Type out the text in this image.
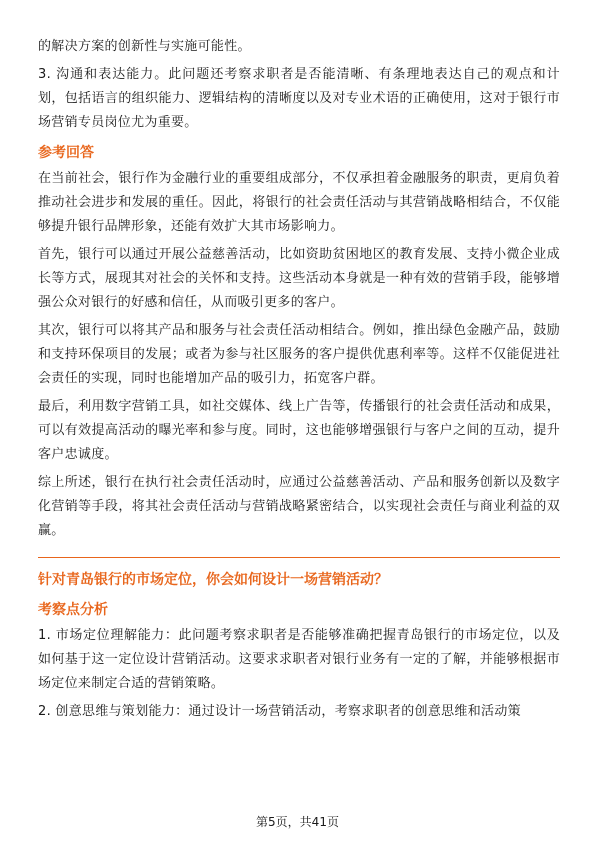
的解决方案的创新性与实施可能性。

3. 沟通和表达能力。此问题还考察求职者是否能清晰、有条理地表达自己的观点和计划，包括语言的组织能力、逻辑结构的清晰度以及对专业术语的正确使用，这对于银行市场营销专员岗位尤为重要。

参考回答

在当前社会，银行作为金融行业的重要组成部分，不仅承担着金融服务的职责，更肩负着推动社会进步和发展的重任。因此，将银行的社会责任活动与其营销战略相结合，不仅能够提升银行品牌形象，还能有效扩大其市场影响力。

首先，银行可以通过开展公益慈善活动，比如资助贫困地区的教育发展、支持小微企业成长等方式，展现其对社会的关怀和支持。这些活动本身就是一种有效的营销手段，能够增强公众对银行的好感和信任，从而吸引更多的客户。

其次，银行可以将其产品和服务与社会责任活动相结合。例如，推出绿色金融产品，鼓励和支持环保项目的发展；或者为参与社区服务的客户提供优惠利率等。这样不仅能促进社会责任的实现，同时也能增加产品的吸引力，拓宽客户群。

最后，利用数字营销工具，如社交媒体、线上广告等，传播银行的社会责任活动和成果，可以有效提高活动的曝光率和参与度。同时，这也能够增强银行与客户之间的互动，提升客户忠诚度。

综上所述，银行在执行社会责任活动时，应通过公益慈善活动、产品和服务创新以及数字化营销等手段，将其社会责任活动与营销战略紧密结合，以实现社会责任与商业利益的双赢。

针对青岛银行的市场定位，你会如何设计一场营销活动？
考察点分析

1. 市场定位理解能力：此问题考察求职者是否能够准确把握青岛银行的市场定位，以及如何基于这一定位设计营销活动。这要求求职者对银行业务有一定的了解，并能够根据市场定位来制定合适的营销策略。

2. 创意思维与策划能力：通过设计一场营销活动，考察求职者的创意思维和活动策

第5页，共41页
